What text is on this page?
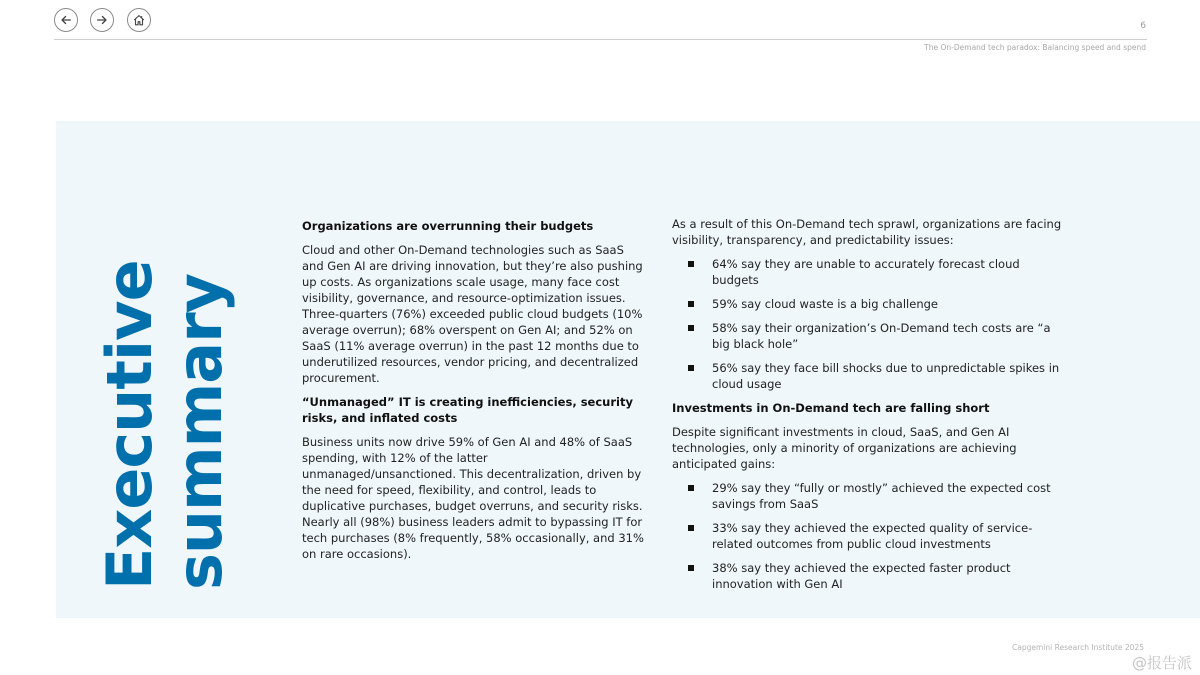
6
The On-Demand tech paradox: Balancing speed and spend
Executive
summary
Organizations are overrunning their budgets

Cloud and other On-Demand technologies such as SaaS and Gen AI are driving innovation, but they’re also pushing up costs. As organizations scale usage, many face cost visibility, governance, and resource-optimization issues. Three-quarters (76%) exceeded public cloud budgets (10% average overrun); 68% overspent on Gen AI; and 52% on SaaS (11% average overrun) in the past 12 months due to underutilized resources, vendor pricing, and decentralized procurement.

“Unmanaged” IT is creating inefficiencies, security risks, and inflated costs

Business units now drive 59% of Gen AI and 48% of SaaS spending, with 12% of the latter unmanaged/unsanctioned. This decentralization, driven by the need for speed, flexibility, and control, leads to duplicative purchases, budget overruns, and security risks. Nearly all (98%) business leaders admit to bypassing IT for tech purchases (8% frequently, 58% occasionally, and 31% on rare occasions).

As a result of this On-Demand tech sprawl, organizations are facing visibility, transparency, and predictability issues:

64% say they are unable to accurately forecast cloud budgets
59% say cloud waste is a big challenge
58% say their organization’s On-Demand tech costs are “a big black hole”
56% say they face bill shocks due to unpredictable spikes in cloud usage
Investments in On-Demand tech are falling short

Despite significant investments in cloud, SaaS, and Gen AI technologies, only a minority of organizations are achieving anticipated gains:

29% say they “fully or mostly” achieved the expected cost savings from SaaS
33% say they achieved the expected quality of service-related outcomes from public cloud investments
38% say they achieved the expected faster product innovation with Gen AI
Capgemini Research Institute 2025
@报告派
